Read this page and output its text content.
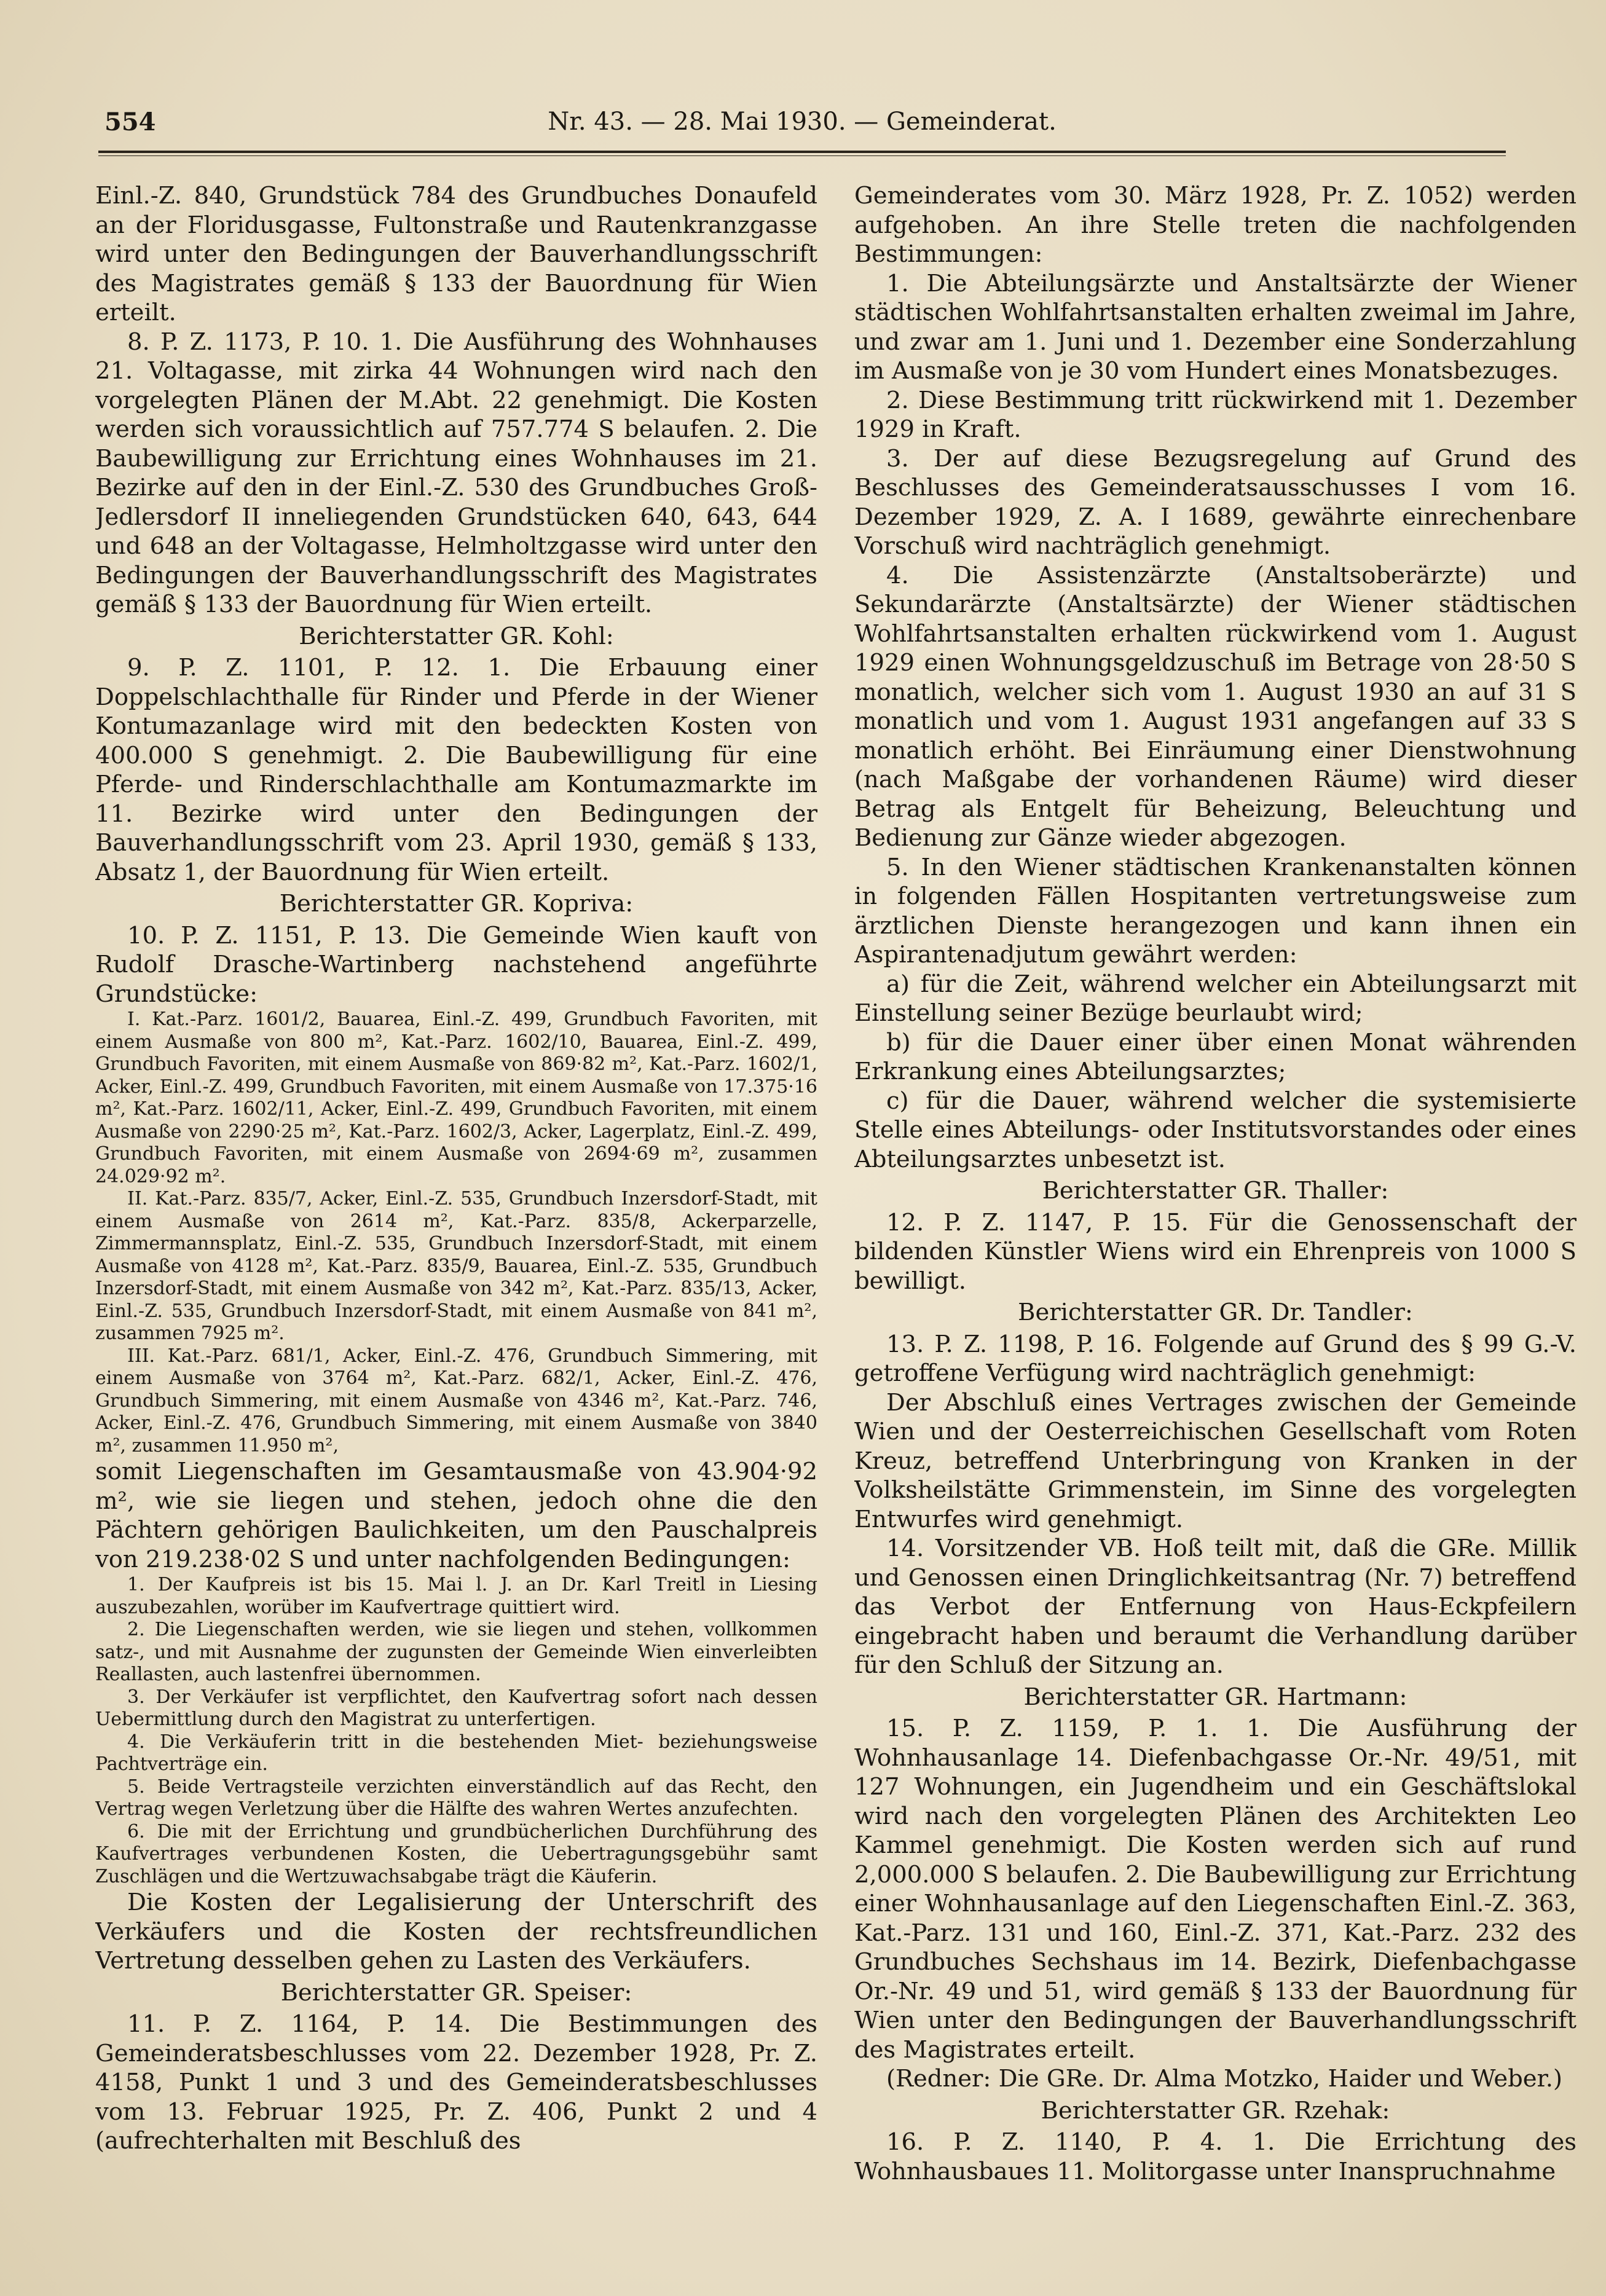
554	Nr. 43. — 28. Mai 1930. — Gemeinderat.

Einl.-Z. 840, Grundstück 784 des Grundbuches Donaufeld an der Floridusgasse, Fultonstraße und Rautenkranzgasse wird unter den Bedingungen der Bauverhandlungsschrift des Magistrates gemäß § 133 der Bauordnung für Wien erteilt.

8. P. Z. 1173, P. 10. 1. Die Ausführung des Wohnhauses 21. Voltagasse, mit zirka 44 Wohnungen wird nach den vorgelegten Plänen der M.Abt. 22 genehmigt. Die Kosten werden sich voraussichtlich auf 757.774 S belaufen. 2. Die Baubewilligung zur Errichtung eines Wohnhauses im 21. Bezirke auf den in der Einl.-Z. 530 des Grundbuches Groß-Jedlersdorf II inneliegenden Grundstücken 640, 643, 644 und 648 an der Voltagasse, Helmholtzgasse wird unter den Bedingungen der Bauverhandlungsschrift des Magistrates gemäß § 133 der Bauordnung für Wien erteilt.

Berichterstatter GR. Kohl:

9. P. Z. 1101, P. 12. 1. Die Erbauung einer Doppelschlachthalle für Rinder und Pferde in der Wiener Kontumazanlage wird mit den bedeckten Kosten von 400.000 S genehmigt. 2. Die Baubewilligung für eine Pferde- und Rinderschlachthalle am Kontumazmarkte im 11. Bezirke wird unter den Bedingungen der Bauverhandlungsschrift vom 23. April 1930, gemäß § 133, Absatz 1, der Bauordnung für Wien erteilt.

Berichterstatter GR. Kopriva:

10. P. Z. 1151, P. 13. Die Gemeinde Wien kauft von Rudolf Drasche-Wartinberg nachstehend angeführte Grundstücke:

I. Kat.-Parz. 1601/2, Bauarea, Einl.-Z. 499, Grundbuch Favoriten, mit einem Ausmaße von 800 m², Kat.-Parz. 1602/10, Bauarea, Einl.-Z. 499, Grundbuch Favoriten, mit einem Ausmaße von 869·82 m², Kat.-Parz. 1602/1, Acker, Einl.-Z. 499, Grundbuch Favoriten, mit einem Ausmaße von 17.375·16 m², Kat.-Parz. 1602/11, Acker, Einl.-Z. 499, Grundbuch Favoriten, mit einem Ausmaße von 2290·25 m², Kat.-Parz. 1602/3, Acker, Lagerplatz, Einl.-Z. 499, Grundbuch Favoriten, mit einem Ausmaße von 2694·69 m², zusammen 24.029·92 m².

II. Kat.-Parz. 835/7, Acker, Einl.-Z. 535, Grundbuch Inzersdorf-Stadt, mit einem Ausmaße von 2614 m², Kat.-Parz. 835/8, Ackerparzelle, Zimmermannsplatz, Einl.-Z. 535, Grundbuch Inzersdorf-Stadt, mit einem Ausmaße von 4128 m², Kat.-Parz. 835/9, Bauarea, Einl.-Z. 535, Grundbuch Inzersdorf-Stadt, mit einem Ausmaße von 342 m², Kat.-Parz. 835/13, Acker, Einl.-Z. 535, Grundbuch Inzersdorf-Stadt, mit einem Ausmaße von 841 m², zusammen 7925 m².

III. Kat.-Parz. 681/1, Acker, Einl.-Z. 476, Grundbuch Simmering, mit einem Ausmaße von 3764 m², Kat.-Parz. 682/1, Acker, Einl.-Z. 476, Grundbuch Simmering, mit einem Ausmaße von 4346 m², Kat.-Parz. 746, Acker, Einl.-Z. 476, Grundbuch Simmering, mit einem Ausmaße von 3840 m², zusammen 11.950 m²,

somit Liegenschaften im Gesamtausmaße von 43.904·92 m², wie sie liegen und stehen, jedoch ohne die den Pächtern gehörigen Baulichkeiten, um den Pauschalpreis von 219.238·02 S und unter nachfolgenden Bedingungen:

1. Der Kaufpreis ist bis 15. Mai l. J. an Dr. Karl Treitl in Liesing auszubezahlen, worüber im Kaufvertrage quittiert wird.

2. Die Liegenschaften werden, wie sie liegen und stehen, vollkommen satz-, und mit Ausnahme der zugunsten der Gemeinde Wien einverleibten Reallasten, auch lastenfrei übernommen.

3. Der Verkäufer ist verpflichtet, den Kaufvertrag sofort nach dessen Uebermittlung durch den Magistrat zu unterfertigen.

4. Die Verkäuferin tritt in die bestehenden Miet- beziehungsweise Pachtverträge ein.

5. Beide Vertragsteile verzichten einverständlich auf das Recht, den Vertrag wegen Verletzung über die Hälfte des wahren Wertes anzufechten.

6. Die mit der Errichtung und grundbücherlichen Durchführung des Kaufvertrages verbundenen Kosten, die Uebertragungsgebühr samt Zuschlägen und die Wertzuwachsabgabe trägt die Käuferin.

Die Kosten der Legalisierung der Unterschrift des Verkäufers und die Kosten der rechtsfreundlichen Vertretung desselben gehen zu Lasten des Verkäufers.

Berichterstatter GR. Speiser:

11. P. Z. 1164, P. 14. Die Bestimmungen des Gemeinderatsbeschlusses vom 22. Dezember 1928, Pr. Z. 4158, Punkt 1 und 3 und des Gemeinderatsbeschlusses vom 13. Februar 1925, Pr. Z. 406, Punkt 2 und 4 (aufrechterhalten mit Beschluß des

Gemeinderates vom 30. März 1928, Pr. Z. 1052) werden aufgehoben. An ihre Stelle treten die nachfolgenden Bestimmungen:

1. Die Abteilungsärzte und Anstaltsärzte der Wiener städtischen Wohlfahrtsanstalten erhalten zweimal im Jahre, und zwar am 1. Juni und 1. Dezember eine Sonderzahlung im Ausmaße von je 30 vom Hundert eines Monatsbezuges.

2. Diese Bestimmung tritt rückwirkend mit 1. Dezember 1929 in Kraft.

3. Der auf diese Bezugsregelung auf Grund des Beschlusses des Gemeinderatsausschusses I vom 16. Dezember 1929, Z. A. I 1689, gewährte einrechenbare Vorschuß wird nachträglich genehmigt.

4. Die Assistenzärzte (Anstaltsoberärzte) und Sekundarärzte (Anstaltsärzte) der Wiener städtischen Wohlfahrtsanstalten erhalten rückwirkend vom 1. August 1929 einen Wohnungsgeldzuschuß im Betrage von 28·50 S monatlich, welcher sich vom 1. August 1930 an auf 31 S monatlich und vom 1. August 1931 angefangen auf 33 S monatlich erhöht. Bei Einräumung einer Dienstwohnung (nach Maßgabe der vorhandenen Räume) wird dieser Betrag als Entgelt für Beheizung, Beleuchtung und Bedienung zur Gänze wieder abgezogen.

5. In den Wiener städtischen Krankenanstalten können in folgenden Fällen Hospitanten vertretungsweise zum ärztlichen Dienste herangezogen und kann ihnen ein Aspirantenadjutum gewährt werden:

a) für die Zeit, während welcher ein Abteilungsarzt mit Einstellung seiner Bezüge beurlaubt wird;

b) für die Dauer einer über einen Monat währenden Erkrankung eines Abteilungsarztes;

c) für die Dauer, während welcher die systemisierte Stelle eines Abteilungs- oder Institutsvorstandes oder eines Abteilungsarztes unbesetzt ist.

Berichterstatter GR. Thaller:

12. P. Z. 1147, P. 15. Für die Genossenschaft der bildenden Künstler Wiens wird ein Ehrenpreis von 1000 S bewilligt.

Berichterstatter GR. Dr. Tandler:

13. P. Z. 1198, P. 16. Folgende auf Grund des § 99 G.-V. getroffene Verfügung wird nachträglich genehmigt:

Der Abschluß eines Vertrages zwischen der Gemeinde Wien und der Oesterreichischen Gesellschaft vom Roten Kreuz, betreffend Unterbringung von Kranken in der Volksheilstätte Grimmenstein, im Sinne des vorgelegten Entwurfes wird genehmigt.

14. Vorsitzender VB. Hoß teilt mit, daß die GRe. Millik und Genossen einen Dringlichkeitsantrag (Nr. 7) betreffend das Verbot der Entfernung von Haus-Eckpfeilern eingebracht haben und beraumt die Verhandlung darüber für den Schluß der Sitzung an.

Berichterstatter GR. Hartmann:

15. P. Z. 1159, P. 1. 1. Die Ausführung der Wohnhausanlage 14. Diefenbachgasse Or.-Nr. 49/51, mit 127 Wohnungen, ein Jugendheim und ein Geschäftslokal wird nach den vorgelegten Plänen des Architekten Leo Kammel genehmigt. Die Kosten werden sich auf rund 2,000.000 S belaufen. 2. Die Baubewilligung zur Errichtung einer Wohnhausanlage auf den Liegenschaften Einl.-Z. 363, Kat.-Parz. 131 und 160, Einl.-Z. 371, Kat.-Parz. 232 des Grundbuches Sechshaus im 14. Bezirk, Diefenbachgasse Or.-Nr. 49 und 51, wird gemäß § 133 der Bauordnung für Wien unter den Bedingungen der Bauverhandlungsschrift des Magistrates erteilt.

(Redner: Die GRe. Dr. Alma Motzko, Haider und Weber.)

Berichterstatter GR. Rzehak:

16. P. Z. 1140, P. 4. 1. Die Errichtung des Wohnhausbaues 11. Molitorgasse unter Inanspruchnahme
